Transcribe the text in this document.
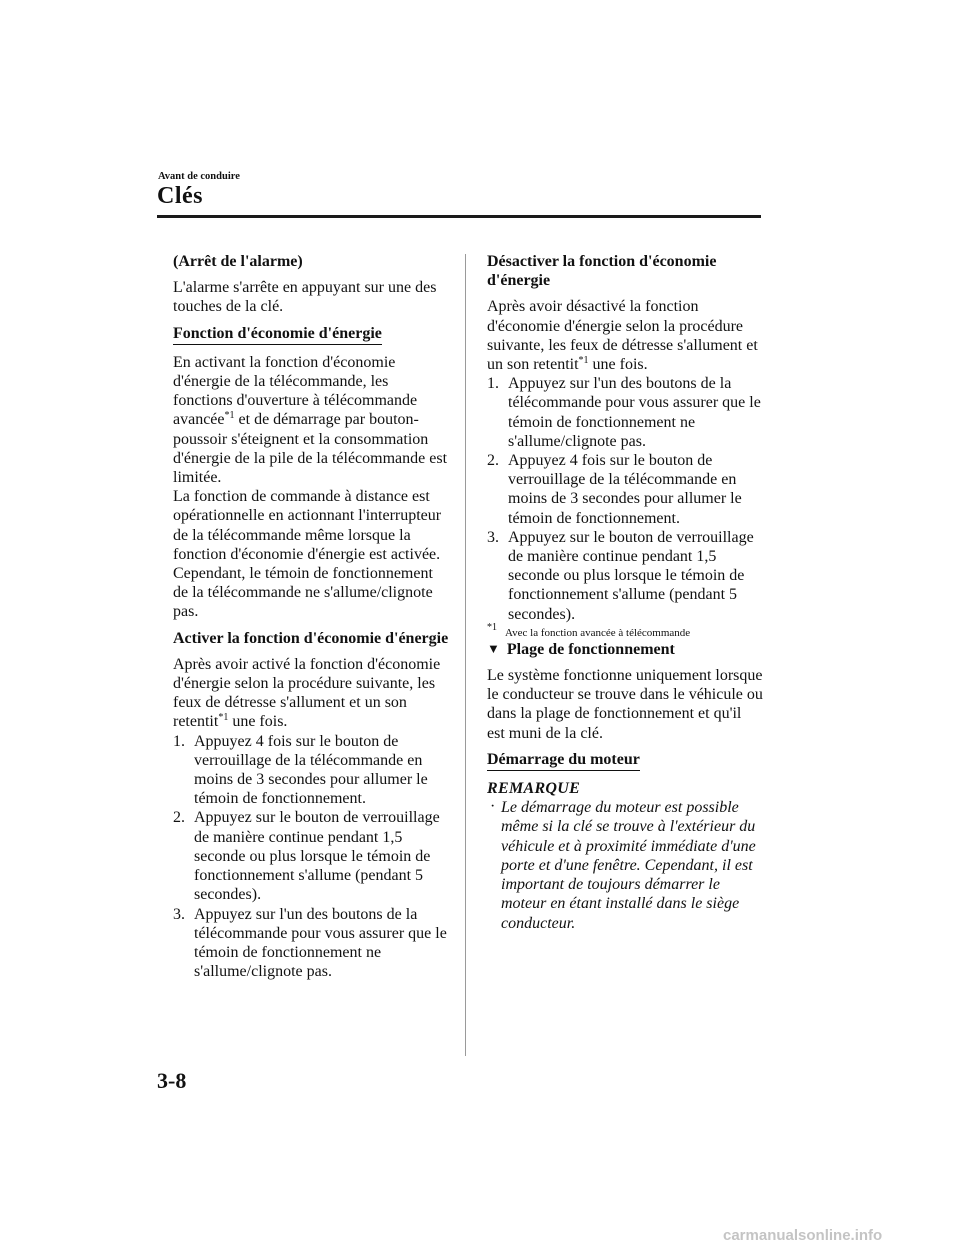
Avant de conduire
Clés

(Arrêt de l'alarme)

L'alarme s'arrête en appuyant sur une des touches de la clé.

Fonction d'économie d'énergie

En activant la fonction d'économie d'énergie de la télécommande, les fonctions d'ouverture à télécommande avancée$^{*1}$ et de démarrage par bouton-poussoir s'éteignent et la consommation d'énergie de la pile de la télécommande est limitée.

La fonction de commande à distance est opérationnelle en actionnant l'interrupteur de la télécommande même lorsque la fonction d'économie d'énergie est activée. Cependant, le témoin de fonctionnement de la télécommande ne s'allume/clignote pas.

Activer la fonction d'économie d'énergie

Après avoir activé la fonction d'économie d'énergie selon la procédure suivante, les feux de détresse s'allument et un son retentit$^{*1}$ une fois.

1. Appuyez 4 fois sur le bouton de verrouillage de la télécommande en moins de 3 secondes pour allumer le témoin de fonctionnement.
2. Appuyez sur le bouton de verrouillage de manière continue pendant 1,5 seconde ou plus lorsque le témoin de fonctionnement s'allume (pendant 5 secondes).
3. Appuyez sur l'un des boutons de la télécommande pour vous assurer que le témoin de fonctionnement ne s'allume/clignote pas.

Désactiver la fonction d'économie d'énergie

Après avoir désactivé la fonction d'économie d'énergie selon la procédure suivante, les feux de détresse s'allument et un son retentit$^{*1}$ une fois.

1. Appuyez sur l'un des boutons de la télécommande pour vous assurer que le témoin de fonctionnement ne s'allume/clignote pas.
2. Appuyez 4 fois sur le bouton de verrouillage de la télécommande en moins de 3 secondes pour allumer le témoin de fonctionnement.
3. Appuyez sur le bouton de verrouillage de manière continue pendant 1,5 seconde ou plus lorsque le témoin de fonctionnement s'allume (pendant 5 secondes).

$^{*1}$ Avec la fonction avancée à télécommande

▼ Plage de fonctionnement

Le système fonctionne uniquement lorsque le conducteur se trouve dans le véhicule ou dans la plage de fonctionnement et qu'il est muni de la clé.

Démarrage du moteur

REMARQUE

· Le démarrage du moteur est possible même si la clé se trouve à l'extérieur du véhicule et à proximité immédiate d'une porte et d'une fenêtre. Cependant, il est important de toujours démarrer le moteur en étant installé dans le siège conducteur.
3-8
carmanualsonline.info
